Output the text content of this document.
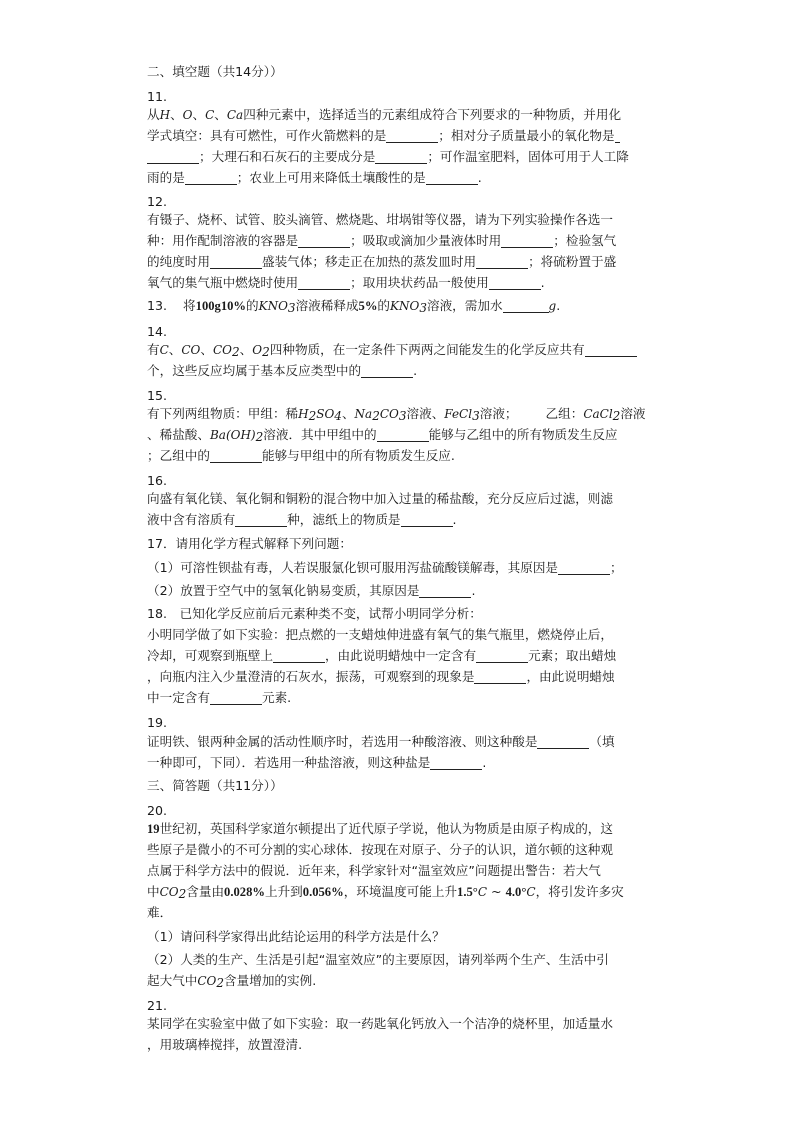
二、填空题（共14分））
11.
从H、O、C、Ca四种元素中，选择适当的元素组成符合下列要求的一种物质，并用化
学式填空：具有可燃性，可作火箭燃料的是	；相对分子质量最小的氧化物是
；大理石和石灰石的主要成分是	；可作温室肥料，固体可用于人工降
雨的是	；农业上可用来降低土壤酸性的是	.
12.
有镊子、烧杯、试管、胶头滴管、燃烧匙、坩埚钳等仪器，请为下列实验操作各选一
种：用作配制溶液的容器是	；吸取或滴加少量液体时用	；检验氢气
的纯度时用	盛装气体；移走正在加热的蒸发皿时用	；将硫粉置于盛
氧气的集气瓶中燃烧时使用	；取用块状药品一般使用	.
13. 将100g10%的$KNO_3$溶液稀释成5%的$KNO_3$溶液，需加水	g.
14.
有C、CO、$CO_2$、$O_2$四种物质，在一定条件下两两之间能发生的化学反应共有
个，这些反应均属于基本反应类型中的	.
15.
有下列两组物质：甲组：稀$H_2SO_4$、$Na_2CO_3$溶液、FeCl$_3$溶液； 乙组：CaCl$_2$溶液
、稀盐酸、$Ba(OH)_2$溶液．其中甲组中的	能够与乙组中的所有物质发生反应
；乙组中的	能够与甲组中的所有物质发生反应.
16.
向盛有氧化镁、氧化铜和铜粉的混合物中加入过量的稀盐酸，充分反应后过滤，则滤
液中含有溶质有	种，滤纸上的物质是	.
17．请用化学方程式解释下列问题：
（1）可溶性钡盐有毒，人若误服氯化钡可服用泻盐硫酸镁解毒，其原因是	；
（2）放置于空气中的氢氧化钠易变质，其原因是	.
18.　已知化学反应前后元素种类不变，试帮小明同学分析：
小明同学做了如下实验：把点燃的一支蜡烛伸进盛有氧气的集气瓶里，燃烧停止后，
冷却，可观察到瓶壁上	，由此说明蜡烛中一定含有	元素；取出蜡烛
，向瓶内注入少量澄清的石灰水，振荡，可观察到的现象是	，由此说明蜡烛
中一定含有	元素.
19.
证明铁、银两种金属的活动性顺序时，若选用一种酸溶液、则这种酸是	（填
一种即可，下同）．若选用一种盐溶液，则这种盐是	.
三、简答题（共11分））
20.
19世纪初，英国科学家道尔顿提出了近代原子学说，他认为物质是由原子构成的，这
些原子是微小的不可分割的实心球体．按现在对原子、分子的认识，道尔顿的这种观
点属于科学方法中的假说．近年来，科学家针对“温室效应”问题提出警告：若大气
中$CO_2$含量由0.028%上升到0.056%，环境温度可能上升1.5°C ~ 4.0°C，将引发许多灾
难．
（1）请问科学家得出此结论运用的科学方法是什么？
（2）人类的生产、生活是引起“温室效应”的主要原因，请列举两个生产、生活中引
起大气中$CO_2$含量增加的实例.
21.
某同学在实验室中做了如下实验：取一药匙氧化钙放入一个洁净的烧杯里，加适量水
，用玻璃棒搅拌，放置澄清.
